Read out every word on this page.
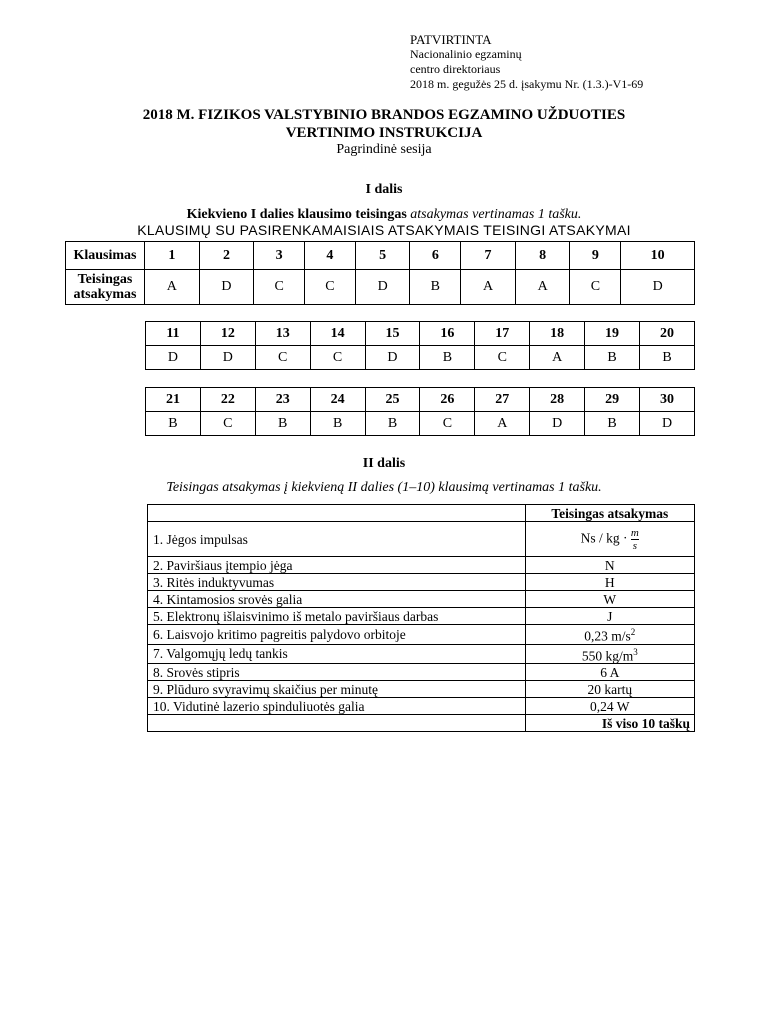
PATVIRTINTA
Nacionalinio egzaminų
centro direktoriaus
2018 m. gegužės 25 d. įsakymu Nr. (1.3.)-V1-69
2018 M. FIZIKOS VALSTYBINIO BRANDOS EGZAMINO UŽDUOTIES
VERTINIMO INSTRUKCIJA
Pagrindinė sesija
I dalis
Kiekvieno I dalies klausimo teisingas atsakymas vertinamas 1 tašku.
KLAUSIMŲ SU PASIRENKAMAISIAIS ATSAKYMAIS TEISINGI ATSAKYMAI
Klausimas	1	2	3	4	5	6	7	8	9	10
Teisingas atsakymas	A	D	C	C	D	B	A	A	C	D
11	12	13	14	15	16	17	18	19	20
D	D	C	C	D	B	C	A	B	B
21	22	23	24	25	26	27	28	29	30
B	C	B	B	B	C	A	D	B	D
II dalis
Teisingas atsakymas į kiekvieną II dalies (1–10) klausimą vertinamas 1 tašku.
	Teisingas atsakymas
1. Jėgos impulsas	Ns / kg · $\frac{m}{s}$

2. Paviršiaus įtempio jėga	N
3. Ritės induktyvumas	H
4. Kintamosios srovės galia	W
5. Elektronų išlaisvinimo iš metalo paviršiaus darbas	J
6. Laisvojo kritimo pagreitis palydovo orbitoje	0,23 $m/s^2$
7. Valgomųjų ledų tankis	550 $kg/m^3$
8. Srovės stipris	6 A
9. Plūduro svyravimų skaičius per minutę	20 kartų
10. Vidutinė lazerio spinduliuotės galia	0,24 W
	Iš viso 10 taškų
